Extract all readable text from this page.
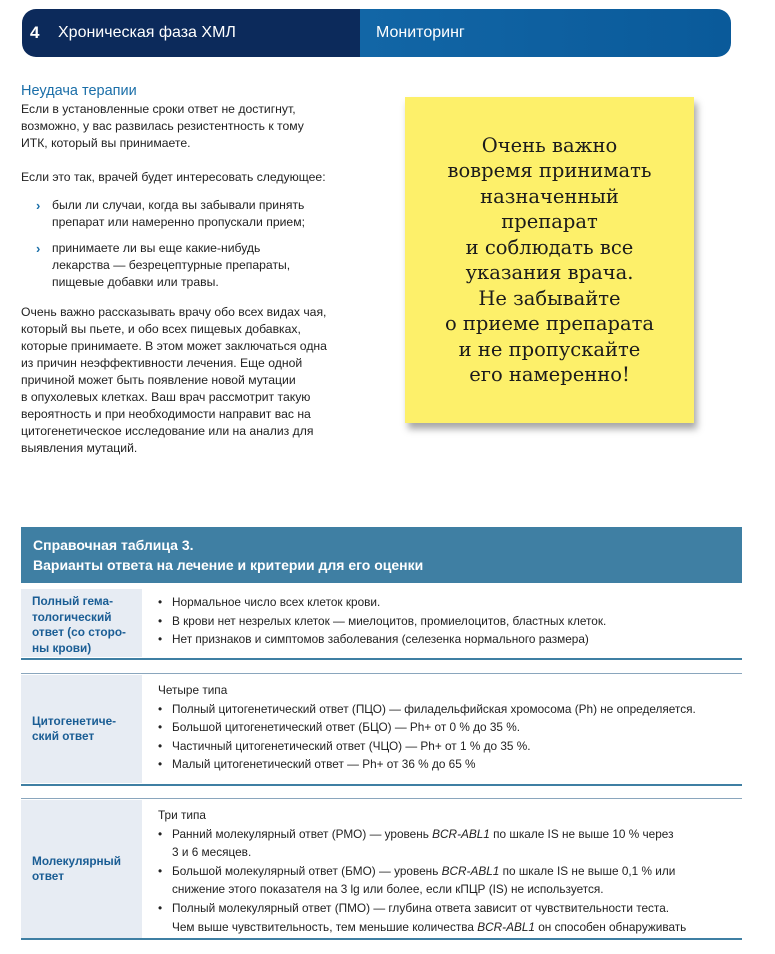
4	Хроническая фаза ХМЛ	Мониторинг
Неудача терапии
Если в установленные сроки ответ не достигнут,
возможно, у вас развилась резистентность к тому
ИТК, который вы принимаете.
Если это так, врачей будет интересовать следующее:
› были ли случаи, когда вы забывали принять
препарат или намеренно пропускали прием;
› принимаете ли вы еще какие-нибудь
лекарства — безрецептурные препараты,
пищевые добавки или травы.
Очень важно рассказывать врачу обо всех видах чая,
который вы пьете, и обо всех пищевых добавках,
которые принимаете. В этом может заключаться одна
из причин неэффективности лечения. Еще одной
причиной может быть появление новой мутации
в опухолевых клетках. Ваш врач рассмотрит такую
вероятность и при необходимости направит вас на
цитогенетическое исследование или на анализ для
выявления мутаций.
Очень важно
вовремя принимать
назначенный
препарат
и соблюдать все
указания врача.
Не забывайте
о приеме препарата
и не пропускайте
его намеренно!
Справочная таблица 3.
Варианты ответа на лечение и критерии для его оценки
Полный гема-
тологический
ответ (со сторо-
ны крови)
• Нормальное число всех клеток крови.
• В крови нет незрелых клеток — миелоцитов, промиелоцитов, бластных клеток.
• Нет признаков и симптомов заболевания (селезенка нормального размера)
Цитогенетиче-
ский ответ
Четыре типа
• Полный цитогенетический ответ (ПЦО) — филадельфийская хромосома (Ph) не определяется.
• Большой цитогенетический ответ (БЦО) — Ph+ от 0 % до 35 %.
• Частичный цитогенетический ответ (ЧЦО) — Ph+ от 1 % до 35 %.
• Малый цитогенетический ответ — Ph+ от 36 % до 65 %
Молекулярный
ответ
Три типа
• Ранний молекулярный ответ (РМО) — уровень BCR-ABL1 по шкале IS не выше 10 % через
3 и 6 месяцев.
• Большой молекулярный ответ (БМО) — уровень BCR-ABL1 по шкале IS не выше 0,1 % или
снижение этого показателя на 3 lg или более, если кПЦР (IS) не используется.
• Полный молекулярный ответ (ПМО) — глубина ответа зависит от чувствительности теста.
Чем выше чувствительность, тем меньшие количества BCR-ABL1 он способен обнаруживать
